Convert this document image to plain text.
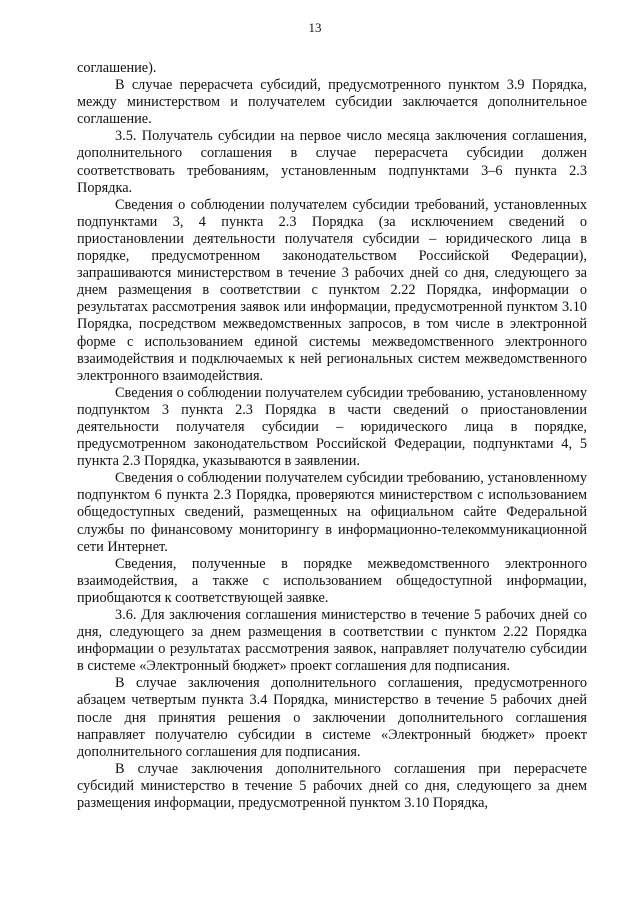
13

соглашение).

В случае перерасчета субсидий, предусмотренного пунктом 3.9 Порядка, между министерством и получателем субсидии заключается дополнительное соглашение.

3.5. Получатель субсидии на первое число месяца заключения соглашения, дополнительного соглашения в случае перерасчета субсидии должен соответствовать требованиям, установленным подпунктами 3–6 пункта 2.3 Порядка.

Сведения о соблюдении получателем субсидии требований, установленных подпунктами 3, 4 пункта 2.3 Порядка (за исключением сведений о приостановлении деятельности получателя субсидии – юридического лица в порядке, предусмотренном законодательством Российской Федерации), запрашиваются министерством в течение 3 рабочих дней со дня, следующего за днем размещения в соответствии с пунктом 2.22 Порядка, информации о результатах рассмотрения заявок или информации, предусмотренной пунктом 3.10 Порядка, посредством межведомственных запросов, в том числе в электронной форме с использованием единой системы межведомственного электронного взаимодействия и подключаемых к ней региональных систем межведомственного электронного взаимодействия.

Сведения о соблюдении получателем субсидии требованию, установленному подпунктом 3 пункта 2.3 Порядка в части сведений о приостановлении деятельности получателя субсидии – юридического лица в порядке, предусмотренном законодательством Российской Федерации, подпунктами 4, 5 пункта 2.3 Порядка, указываются в заявлении.

Сведения о соблюдении получателем субсидии требованию, установленному подпунктом 6 пункта 2.3 Порядка, проверяются министерством с использованием общедоступных сведений, размещенных на официальном сайте Федеральной службы по финансовому мониторингу в информационно-телекоммуникационной сети Интернет.

Сведения, полученные в порядке межведомственного электронного взаимодействия, а также с использованием общедоступной информации, приобщаются к соответствующей заявке.

3.6. Для заключения соглашения министерство в течение 5 рабочих дней со дня, следующего за днем размещения в соответствии с пунктом 2.22 Порядка информации о результатах рассмотрения заявок, направляет получателю субсидии в системе «Электронный бюджет» проект соглашения для подписания.

В случае заключения дополнительного соглашения, предусмотренного абзацем четвертым пункта 3.4 Порядка, министерство в течение 5 рабочих дней после дня принятия решения о заключении дополнительного соглашения направляет получателю субсидии в системе «Электронный бюджет» проект дополнительного соглашения для подписания.

В случае заключения дополнительного соглашения при перерасчете субсидий министерство в течение 5 рабочих дней со дня, следующего за днем размещения информации, предусмотренной пунктом 3.10 Порядка,
